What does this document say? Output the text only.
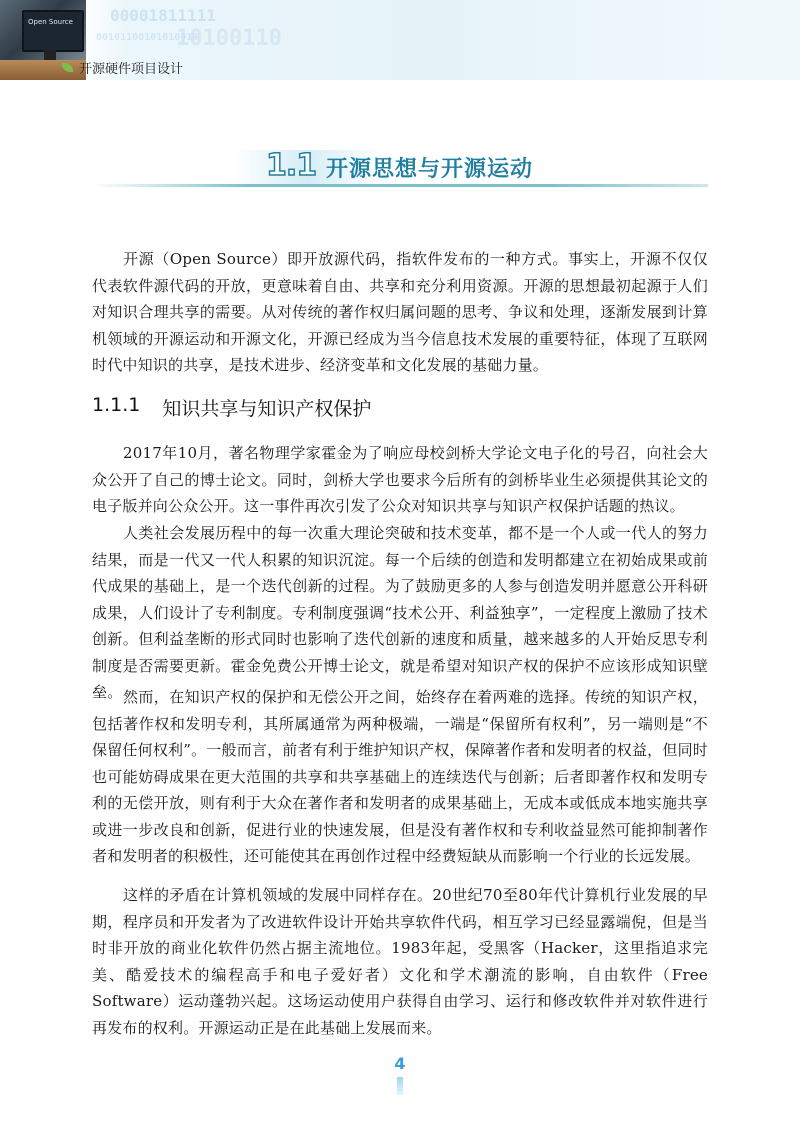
Open Source 00001811111
00101100101010010
10100110
开源硬件项目设计
1.1 开源思想与开源运动

开源（Open Source）即开放源代码，指软件发布的一种方式。事实上，开源不仅仅代表软件源代码的开放，更意味着自由、共享和充分利用资源。开源的思想最初起源于人们对知识合理共享的需要。从对传统的著作权归属问题的思考、争议和处理，逐渐发展到计算机领域的开源运动和开源文化，开源已经成为当今信息技术发展的重要特征，体现了互联网时代中知识的共享，是技术进步、经济变革和文化发展的基础力量。

1.1.1 知识共享与知识产权保护

2017年10月，著名物理学家霍金为了响应母校剑桥大学论文电子化的号召，向社会大众公开了自己的博士论文。同时，剑桥大学也要求今后所有的剑桥毕业生必须提供其论文的电子版并向公众公开。这一事件再次引发了公众对知识共享与知识产权保护话题的热议。

人类社会发展历程中的每一次重大理论突破和技术变革，都不是一个人或一代人的努力结果，而是一代又一代人积累的知识沉淀。每一个后续的创造和发明都建立在初始成果或前代成果的基础上，是一个迭代创新的过程。为了鼓励更多的人参与创造发明并愿意公开科研成果，人们设计了专利制度。专利制度强调“技术公开、利益独享”，一定程度上激励了技术创新。但利益垄断的形式同时也影响了迭代创新的速度和质量，越来越多的人开始反思专利制度是否需要更新。霍金免费公开博士论文，就是希望对知识产权的保护不应该形成知识壁垒。 然而，在知识产权的保护和无偿公开之间，始终存在着两难的选择。传统的知识产权，包括著作权和发明专利，其所属通常为两种极端，一端是“保留所有权利”，另一端则是“不保留任何权利”。一般而言，前者有利于维护知识产权，保障著作者和发明者的权益，但同时也可能妨碍成果在更大范围的共享和共享基础上的连续迭代与创新；后者即著作权和发明专利的无偿开放，则有利于大众在著作者和发明者的成果基础上，无成本或低成本地实施共享或进一步改良和创新，促进行业的快速发展，但是没有著作权和专利收益显然可能抑制著作者和发明者的积极性，还可能使其在再创作过程中经费短缺从而影响一个行业的长远发展。

这样的矛盾在计算机领域的发展中同样存在。20世纪70至80年代计算机行业发展的早期，程序员和开发者为了改进软件设计开始共享软件代码，相互学习已经显露端倪，但是当时非开放的商业化软件仍然占据主流地位。1983年起，受黑客（Hacker，这里指追求完美、酷爱技术的编程高手和电子爱好者）文化和学术潮流的影响，自由软件（Free Software）运动蓬勃兴起。这场运动使用户获得自由学习、运行和修改软件并对软件进行再发布的权利。开源运动正是在此基础上发展而来。

4
